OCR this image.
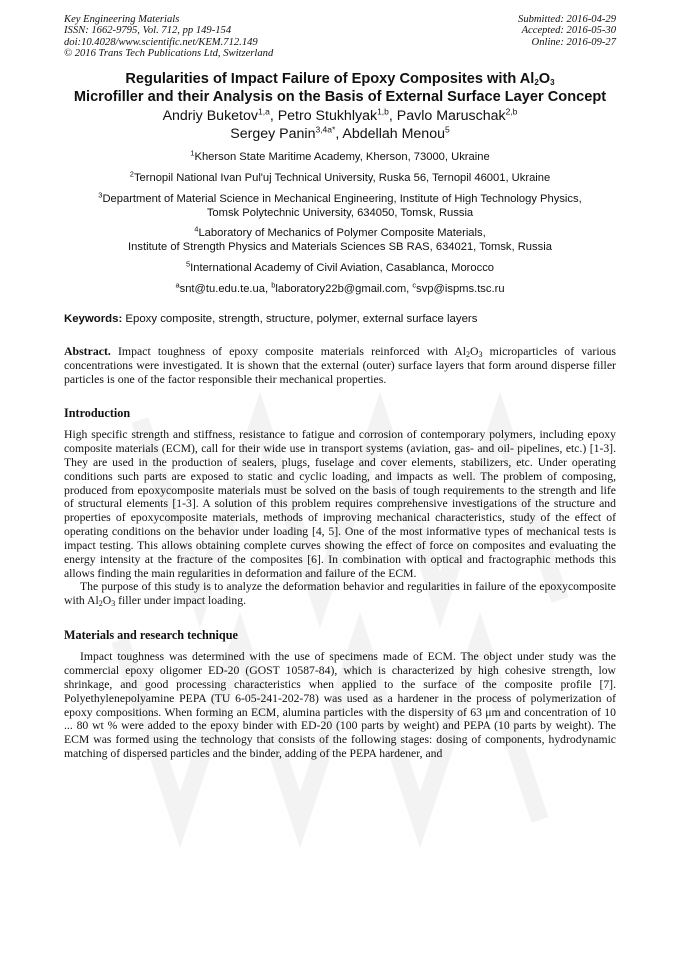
Key Engineering Materials
ISSN: 1662-9795, Vol. 712, pp 149-154
doi:10.4028/www.scientific.net/KEM.712.149
© 2016 Trans Tech Publications Ltd, Switzerland
Submitted: 2016-04-29
Accepted: 2016-05-30
Online: 2016-09-27
Regularities of Impact Failure of Epoxy Composites with $Al_2O_3$
Microfiller and their Analysis on the Basis of External Surface Layer Concept
Andriy Buketov$^{1,a}$, Petro Stukhlyak$^{1,b}$, Pavlo Maruschak$^{2,b}$
Sergey Panin$^{3,4a*}$, Abdellah Menou$^5$
$^1$Kherson State Maritime Academy, Kherson, 73000, Ukraine
$^2$Ternopil National Ivan Pul'uj Technical University, Ruska 56, Ternopil 46001, Ukraine
$^3$Department of Material Science in Mechanical Engineering, Institute of High Technology Physics,
Tomsk Polytechnic University, 634050, Tomsk, Russia
$^4$Laboratory of Mechanics of Polymer Composite Materials,
Institute of Strength Physics and Materials Sciences SB RAS, 634021, Tomsk, Russia
$^5$International Academy of Civil Aviation, Casablanca, Morocco
$^a$snt@tu.edu.te.ua, $^b$laboratory22b@gmail.com, $^c$svp@ispms.tsc.ru
Keywords: Epoxy composite, strength, structure, polymer, external surface layers
Abstract. Impact toughness of epoxy composite materials reinforced with $Al_2O_3$ microparticles of various concentrations were investigated. It is shown that the external (outer) surface layers that form around disperse filler particles is one of the factor responsible their mechanical properties.
Introduction

High specific strength and stiffness, resistance to fatigue and corrosion of contemporary polymers, including epoxy composite materials (ECM), call for their wide use in transport systems (aviation, gas- and oil- pipelines, etc.) [1-3]. They are used in the production of sealers, plugs, fuselage and cover elements, stabilizers, etc. Under operating conditions such parts are exposed to static and cyclic loading, and impacts as well. The problem of composing, produced from epoxycomposite materials must be solved on the basis of tough requirements to the strength and life of structural elements [1-3]. A solution of this problem requires comprehensive investigations of the structure and properties of epoxycomposite materials, methods of improving mechanical characteristics, study of the effect of operating conditions on the behavior under loading [4, 5]. One of the most informative types of mechanical tests is impact testing. This allows obtaining complete curves showing the effect of force on composites and evaluating the energy intensity at the fracture of the composites [6]. In combination with optical and fractographic methods this allows finding the main regularities in deformation and failure of the ECM.

The purpose of this study is to analyze the deformation behavior and regularities in failure of the epoxycomposite with $Al_2O_3$ filler under impact loading.

Materials and research technique

Impact toughness was determined with the use of specimens made of ECM. The object under study was the commercial epoxy oligomer ED-20 (GOST 10587-84), which is characterized by high cohesive strength, low shrinkage, and good processing characteristics when applied to the surface of the composite profile [7]. Polyethylenepolyamine PEPA (TU 6-05-241-202-78) was used as a hardener in the process of polymerization of epoxy compositions. When forming an ECM, alumina particles with the dispersity of 63 μm and concentration of 10 ... 80 wt % were added to the epoxy binder with ED-20 (100 parts by weight) and PEPA (10 parts by weight). The ECM was formed using the technology that consists of the following stages: dosing of components, hydrodynamic matching of dispersed particles and the binder, adding of the PEPA hardener, and
